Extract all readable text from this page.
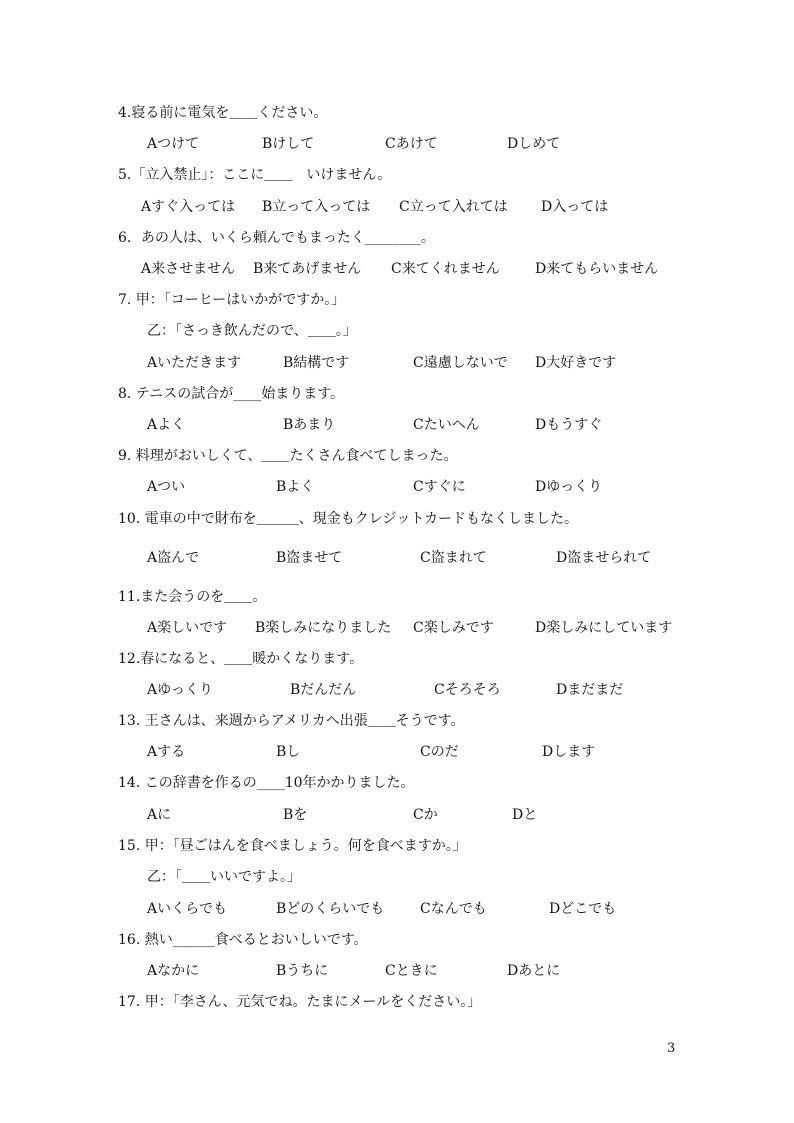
4.寝る前に電気を＿＿ください。
Aつけて	Bけして	Cあけて	Dしめて
5.「立入禁止」：ここに＿＿　いけません。
Aすぐ入っては B立って入っては C立って入れては D入っては
6．あの人は、いくら頼んでもまったく________。
A来させません B来てあげません C来てくれません	D来てもらいません
7. 甲：「コーヒーはいかがですか。」
乙：「さっき飲んだので、＿＿。」
Aいただきます	B結構です	C遠慮しないで D大好きです
8. テニスの試合が____始まります。
Aよく	Bあまり	Cたいへん	Dもうすぐ
9. 料理がおいしくて、＿＿たくさん食べてしまった。
Aつい	Bよく	Cすぐに	Dゆっくり
10. 電車の中で財布を＿＿＿、現金もクレジットカードもなくしました。
A盗んで	B盗ませて	C盗まれて	D盗ませられて
11.また会うのを＿＿。
A楽しいです B楽しみになりました C楽しみです	D楽しみにしています
12.春になると、＿＿暖かくなります。
Aゆっくり	Bだんだん	Cそろそろ	Dまだまだ
13. 王さんは、来週からアメリカへ出張＿＿そうです。
Aする	Bし	Cのだ	Dします
14. この辞書を作るの____10年かかりました。
Aに	Bを	Cか	Dと
15. 甲：「昼ごはんを食べましょう。何を食べますか。」
乙：「＿＿いいですよ。」
Aいくらでも	Bどのくらいでも	Cなんでも	Dどこでも
16. 熱い______食べるとおいしいです。
Aなかに	Bうちに	Cときに	Dあとに
17. 甲：「李さん、元気でね。たまにメールをください。」
3
